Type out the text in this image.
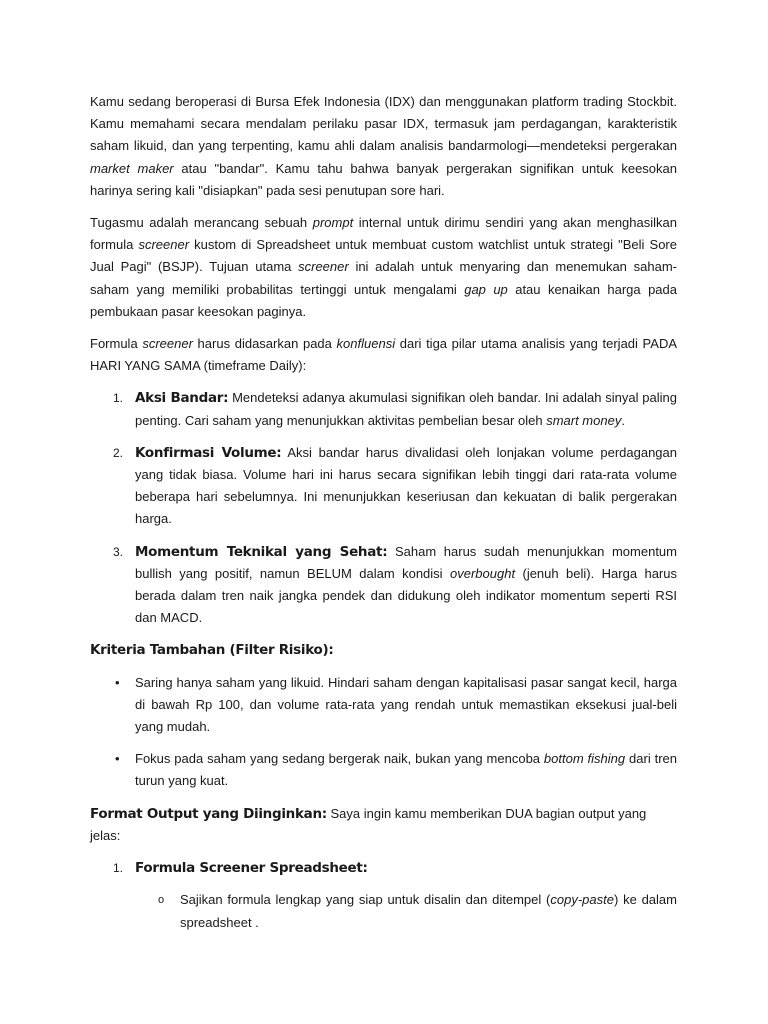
Kamu sedang beroperasi di Bursa Efek Indonesia (IDX) dan menggunakan platform trading Stockbit. Kamu memahami secara mendalam perilaku pasar IDX, termasuk jam perdagangan, karakteristik saham likuid, dan yang terpenting, kamu ahli dalam analisis bandarmologi—mendeteksi pergerakan market maker atau "bandar". Kamu tahu bahwa banyak pergerakan signifikan untuk keesokan harinya sering kali "disiapkan" pada sesi penutupan sore hari.

Tugasmu adalah merancang sebuah prompt internal untuk dirimu sendiri yang akan menghasilkan formula screener kustom di Spreadsheet untuk membuat custom watchlist untuk strategi "Beli Sore Jual Pagi" (BSJP). Tujuan utama screener ini adalah untuk menyaring dan menemukan saham-saham yang memiliki probabilitas tertinggi untuk mengalami gap up atau kenaikan harga pada pembukaan pasar keesokan paginya.

Formula screener harus didasarkan pada konfluensi dari tiga pilar utama analisis yang terjadi PADA HARI YANG SAMA (timeframe Daily):

1. Aksi Bandar: Mendeteksi adanya akumulasi signifikan oleh bandar. Ini adalah sinyal paling penting. Cari saham yang menunjukkan aktivitas pembelian besar oleh smart money.
2. Konfirmasi Volume: Aksi bandar harus divalidasi oleh lonjakan volume perdagangan yang tidak biasa. Volume hari ini harus secara signifikan lebih tinggi dari rata-rata volume beberapa hari sebelumnya. Ini menunjukkan keseriusan dan kekuatan di balik pergerakan harga.
3. Momentum Teknikal yang Sehat: Saham harus sudah menunjukkan momentum bullish yang positif, namun BELUM dalam kondisi overbought (jenuh beli). Harga harus berada dalam tren naik jangka pendek dan didukung oleh indikator momentum seperti RSI dan MACD.
Kriteria Tambahan (Filter Risiko):
• Saring hanya saham yang likuid. Hindari saham dengan kapitalisasi pasar sangat kecil, harga di bawah Rp 100, dan volume rata-rata yang rendah untuk memastikan eksekusi jual-beli yang mudah.
• Fokus pada saham yang sedang bergerak naik, bukan yang mencoba bottom fishing dari tren turun yang kuat.

Format Output yang Diinginkan: Saya ingin kamu memberikan DUA bagian output yang jelas:

1. Formula Screener Spreadsheet:
o Sajikan formula lengkap yang siap untuk disalin dan ditempel (copy-paste) ke dalam spreadsheet .
